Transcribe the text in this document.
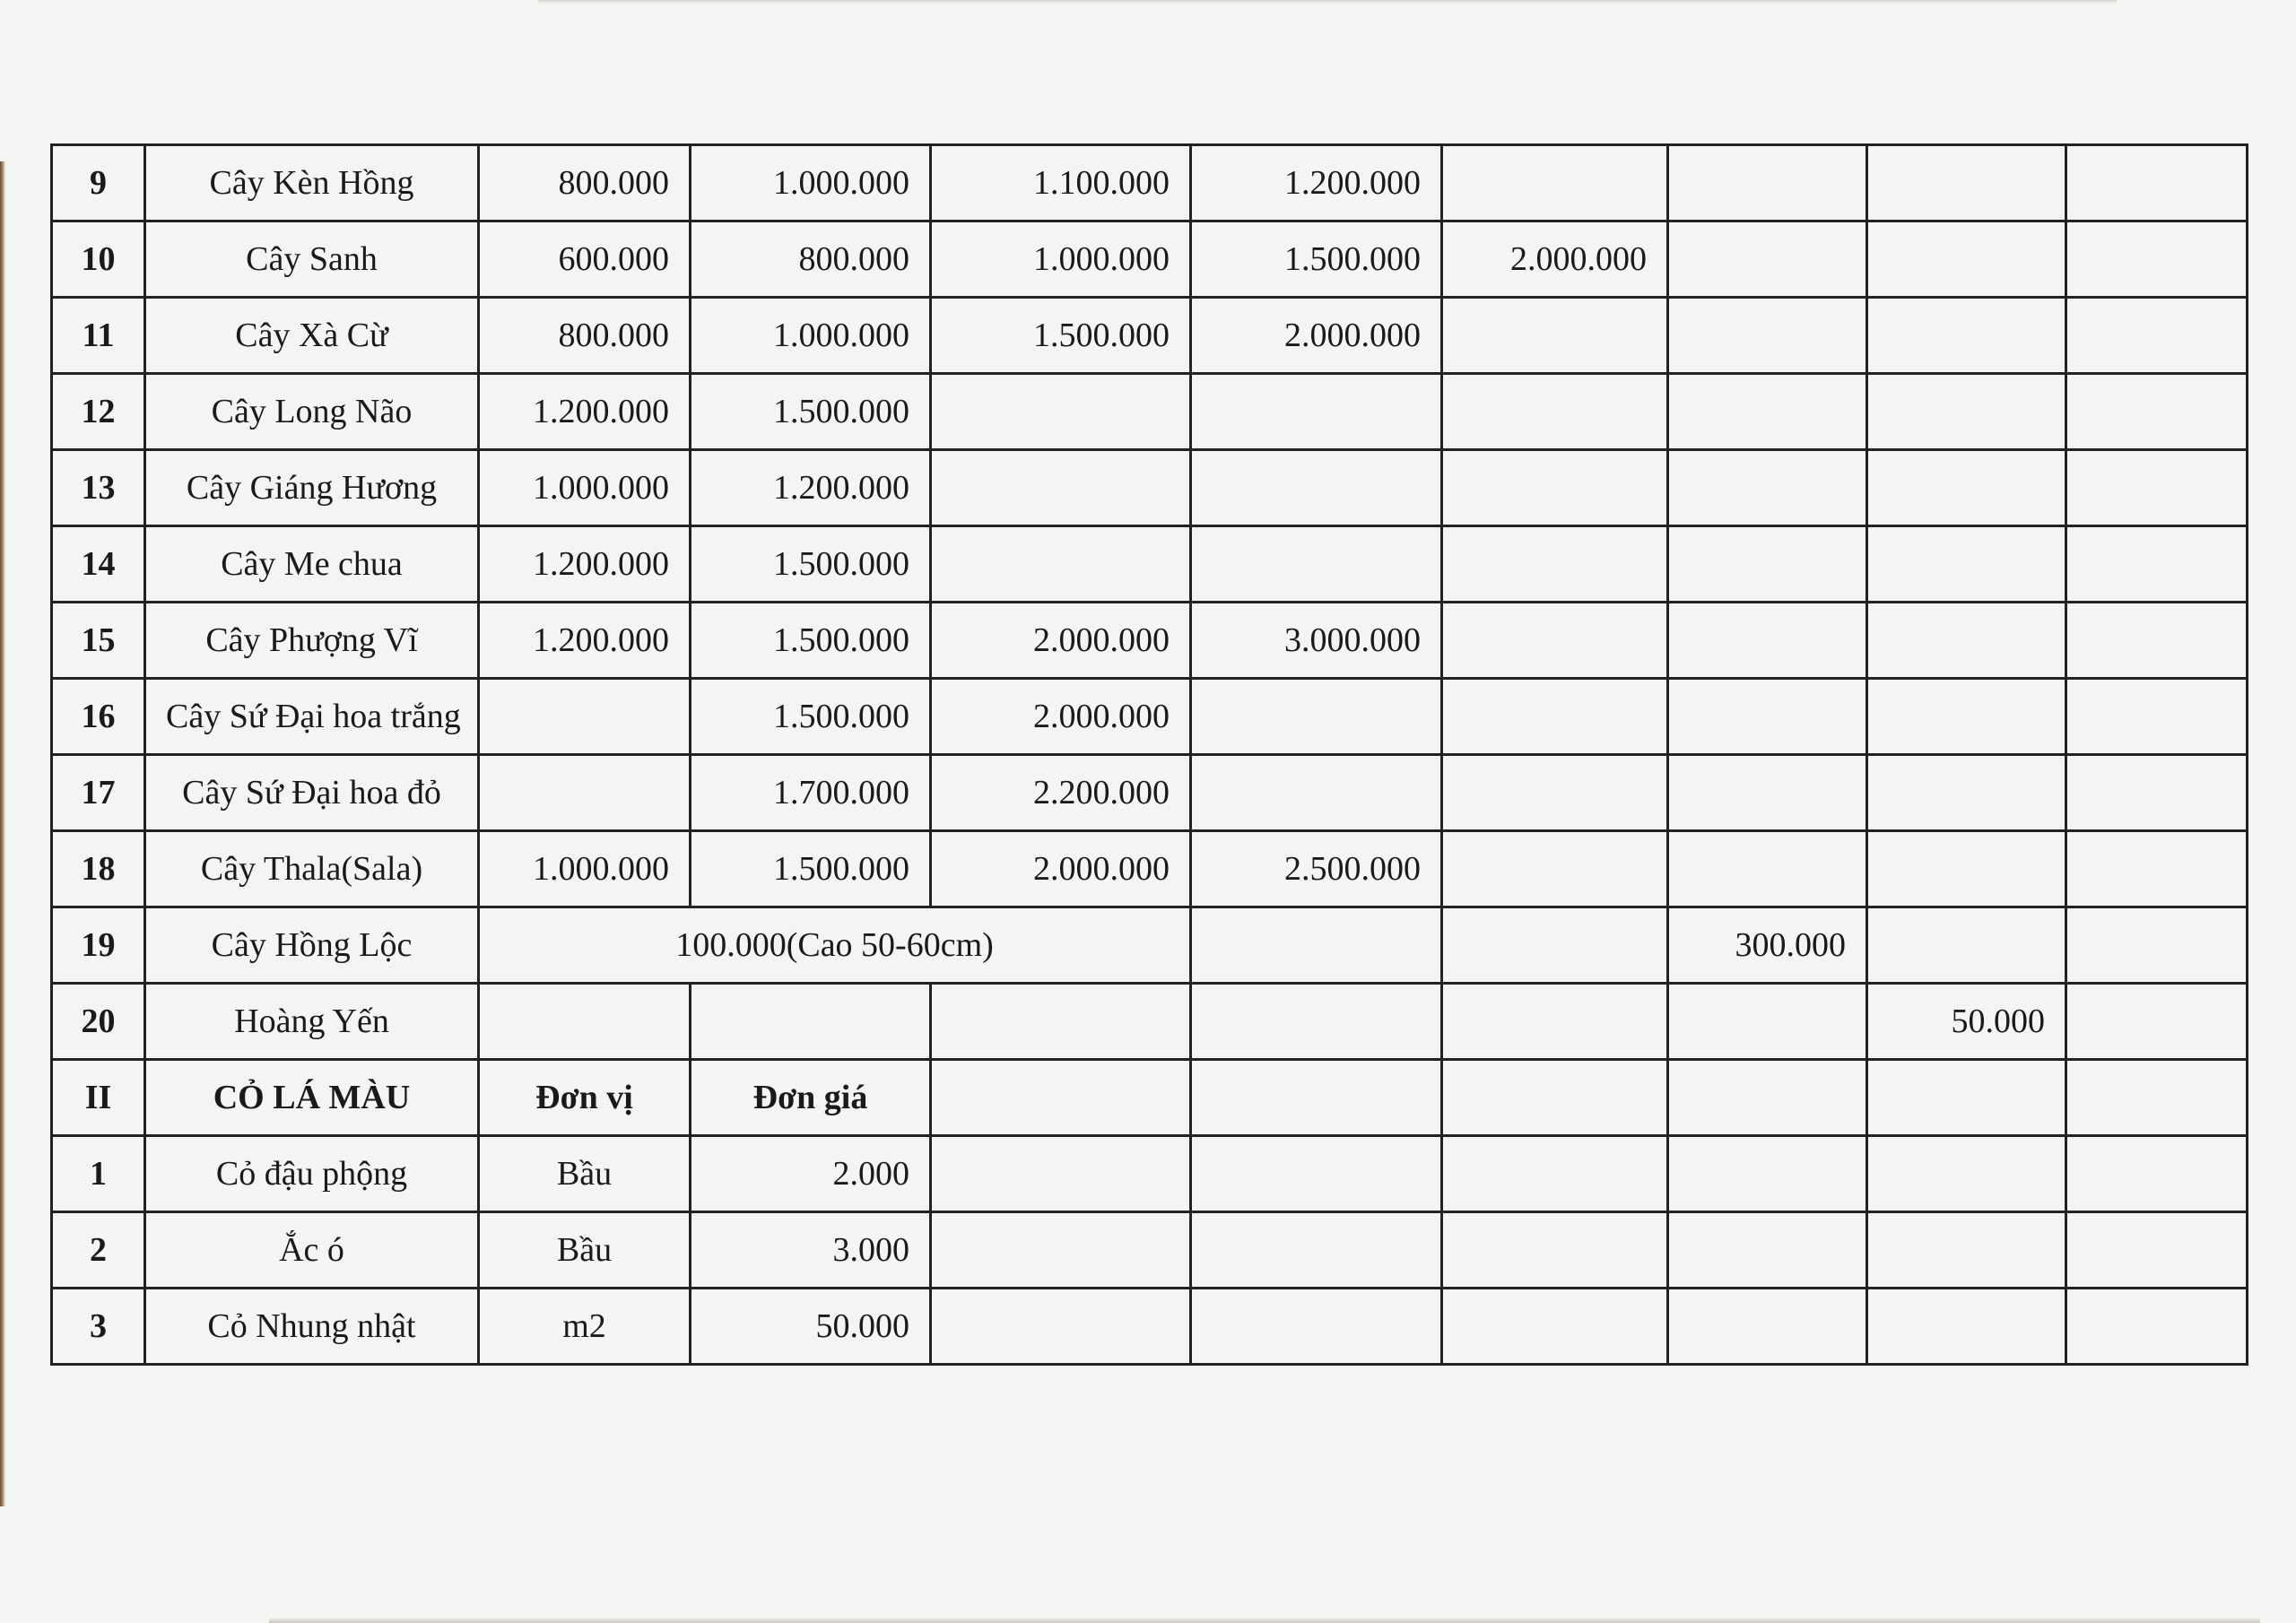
9	Cây Kèn Hồng	800.000	1.000.000	1.100.000	1.200.000				
10	Cây Sanh	600.000	800.000	1.000.000	1.500.000	2.000.000			
11	Cây Xà Cừ	800.000	1.000.000	1.500.000	2.000.000				
12	Cây Long Não	1.200.000	1.500.000						
13	Cây Giáng Hương	1.000.000	1.200.000						
14	Cây Me chua	1.200.000	1.500.000						
15	Cây Phượng Vĩ	1.200.000	1.500.000	2.000.000	3.000.000				
16	Cây Sứ Đại hoa trắng		1.500.000	2.000.000					
17	Cây Sứ Đại hoa đỏ		1.700.000	2.200.000					
18	Cây Thala(Sala)	1.000.000	1.500.000	2.000.000	2.500.000				
19	Cây Hồng Lộc	100.000(Cao 50-60cm)					300.000		
20	Hoàng Yến							50.000	
II	CỎ LÁ MÀU	Đơn vị	Đơn giá						
1	Cỏ đậu phộng	Bầu	2.000						
2	Ắc ó	Bầu	3.000						
3	Cỏ Nhung nhật	m2	50.000						
